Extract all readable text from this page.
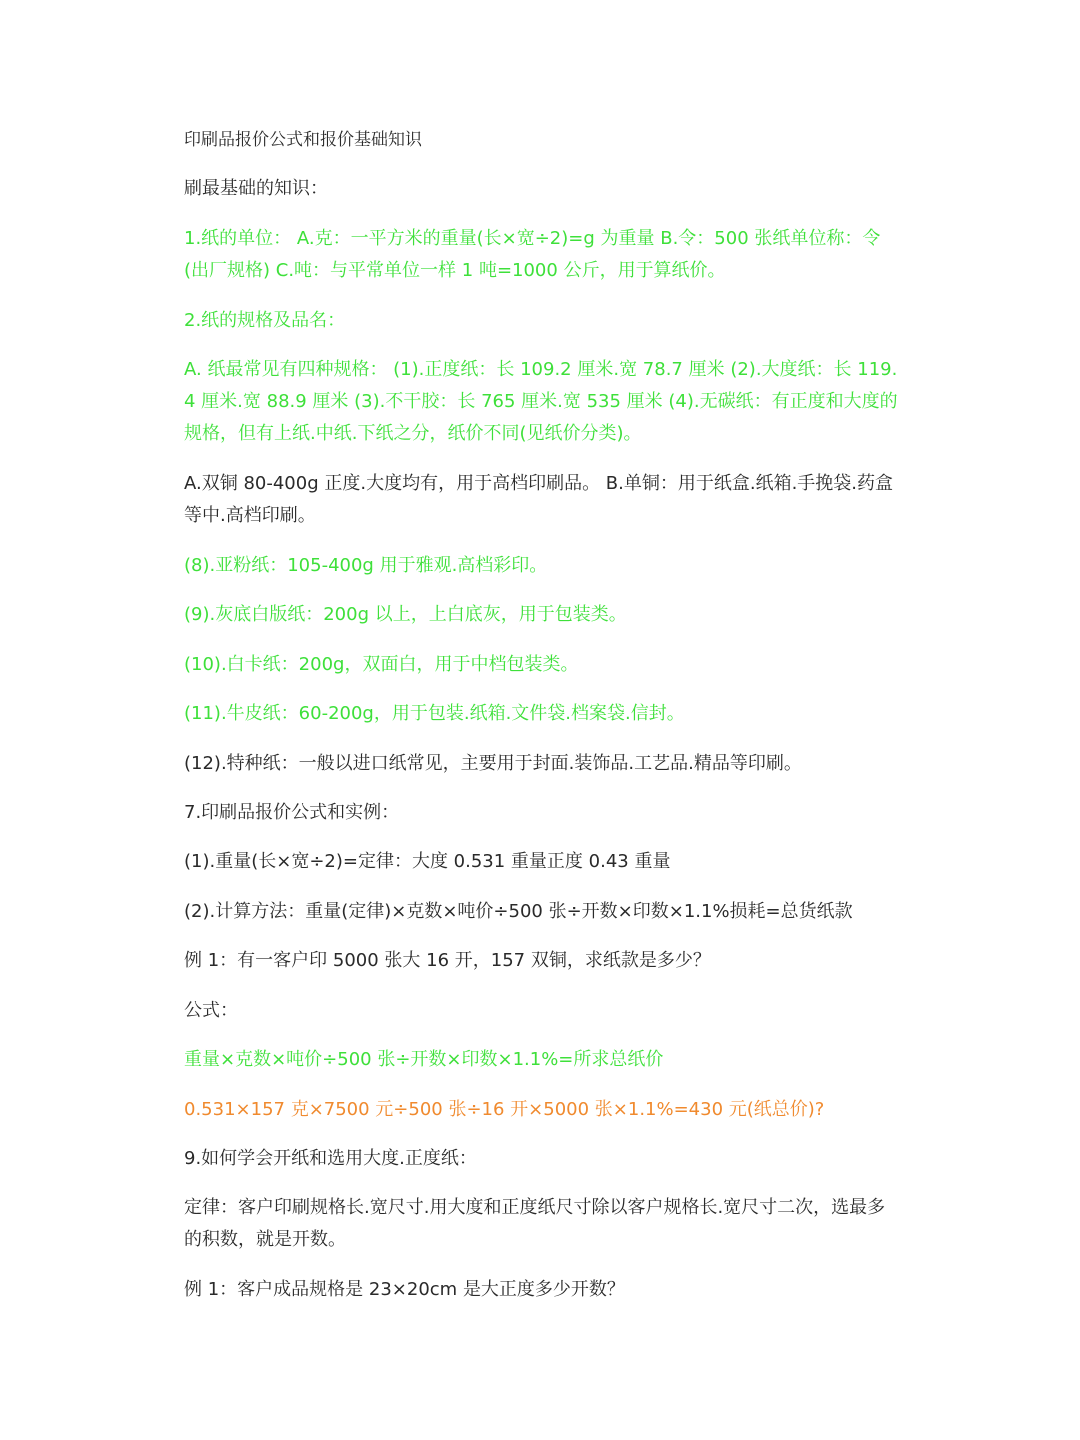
印刷品报价公式和报价基础知识

刷最基础的知识：

1.纸的单位： A.克：一平方米的重量(长×宽÷2)=g 为重量 B.令：500 张纸单位称：令(出厂规格) C.吨：与平常单位一样 1 吨=1000 公斤，用于算纸价。

2.纸的规格及品名：

A. 纸最常见有四种规格： (1).正度纸：长 109.2 厘米.宽 78.7 厘米 (2).大度纸：长 119.4 厘米.宽 88.9 厘米 (3).不干胶：长 765 厘米.宽 535 厘米 (4).无碳纸：有正度和大度的规格，但有上纸.中纸.下纸之分，纸价不同(见纸价分类)。

A.双铜 80-400g 正度.大度均有，用于高档印刷品。 B.单铜：用于纸盒.纸箱.手挽袋.药盒等中.高档印刷。

(8).亚粉纸：105-400g 用于雅观.高档彩印。

(9).灰底白版纸：200g 以上，上白底灰，用于包装类。

(10).白卡纸：200g，双面白，用于中档包装类。

(11).牛皮纸：60-200g，用于包装.纸箱.文件袋.档案袋.信封。

(12).特种纸：一般以进口纸常见，主要用于封面.装饰品.工艺品.精品等印刷。

7.印刷品报价公式和实例：

(1).重量(长×宽÷2)=定律：大度 0.531 重量正度 0.43 重量

(2).计算方法：重量(定律)×克数×吨价÷500 张÷开数×印数×1.1%损耗=总货纸款

例 1：有一客户印 5000 张大 16 开，157 双铜，求纸款是多少？

公式：

重量×克数×吨价÷500 张÷开数×印数×1.1%=所求总纸价

0.531×157 克×7500 元÷500 张÷16 开×5000 张×1.1%=430 元(纸总价)?

9.如何学会开纸和选用大度.正度纸：

定律：客户印刷规格长.宽尺寸.用大度和正度纸尺寸除以客户规格长.宽尺寸二次，选最多的积数，就是开数。

例 1：客户成品规格是 23×20cm 是大正度多少开数？
